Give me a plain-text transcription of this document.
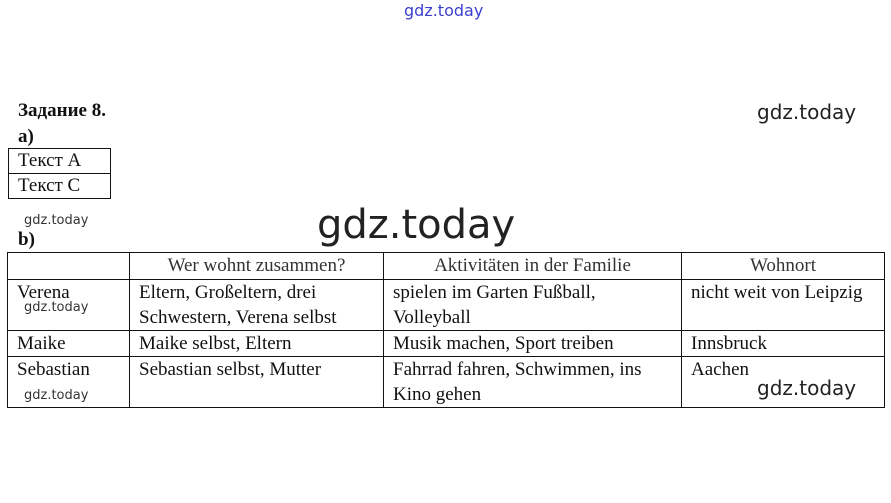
gdz.today
gdz.today
Задание 8.
a)
Текст A
Текст C
gdz.today
b)
	Wer wohnt zusammen?	Aktivitäten in der Familie	Wohnort
Verena	Eltern, Großeltern, drei Schwestern, Verena selbst	spielen im Garten Fußball, Volleyball	nicht weit von Leipzig
Maike	Maike selbst, Eltern	Musik machen, Sport treiben	Innsbruck
Sebastian	Sebastian selbst, Mutter	Fahrrad fahren, Schwimmen, ins Kino gehen	Aachen
gdz.today
gdz.today
gdz.today	gdz.today
